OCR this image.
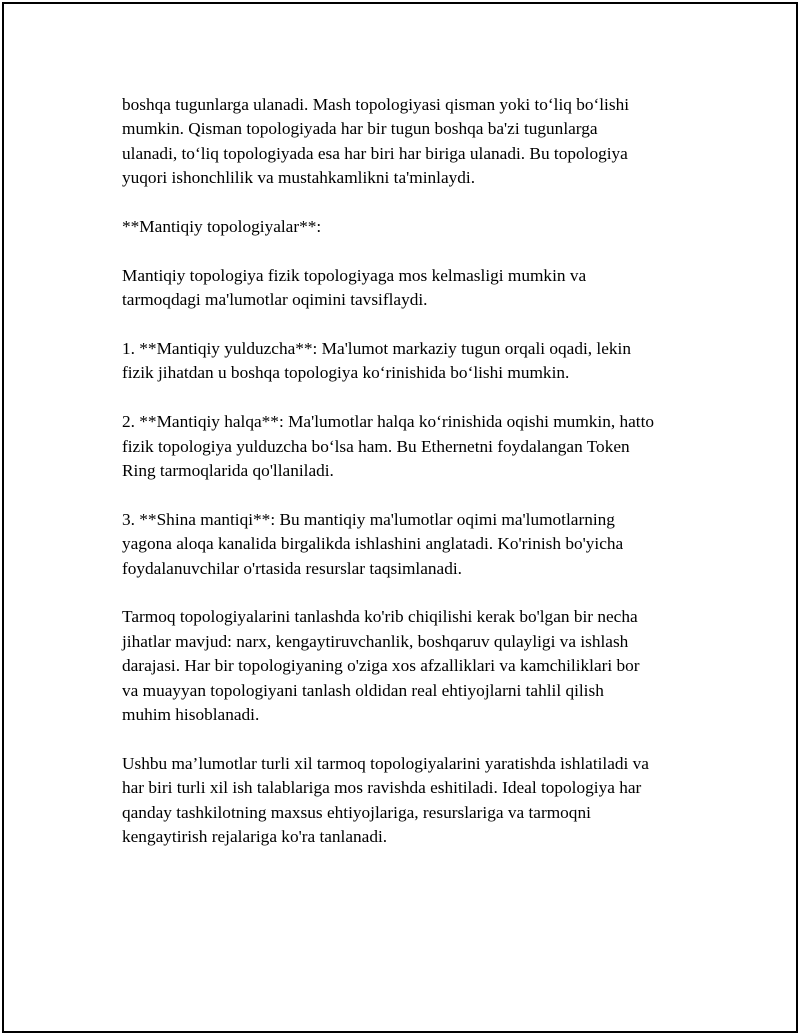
boshqa tugunlarga ulanadi. Mash topologiyasi qisman yoki to‘liq bo‘lishi
mumkin. Qisman topologiyada har bir tugun boshqa ba'zi tugunlarga
ulanadi, to‘liq topologiyada esa har biri har biriga ulanadi. Bu topologiya
yuqori ishonchlilik va mustahkamlikni ta'minlaydi.

**Mantiqiy topologiyalar**:

Mantiqiy topologiya fizik topologiyaga mos kelmasligi mumkin va
tarmoqdagi ma'lumotlar oqimini tavsiflaydi.

1. **Mantiqiy yulduzcha**: Ma'lumot markaziy tugun orqali oqadi, lekin
fizik jihatdan u boshqa topologiya ko‘rinishida bo‘lishi mumkin.

2. **Mantiqiy halqa**: Ma'lumotlar halqa ko‘rinishida oqishi mumkin, hatto
fizik topologiya yulduzcha bo‘lsa ham. Bu Ethernetni foydalangan Token
Ring tarmoqlarida qo'llaniladi.

3. **Shina mantiqi**: Bu mantiqiy ma'lumotlar oqimi ma'lumotlarning
yagona aloqa kanalida birgalikda ishlashini anglatadi. Ko'rinish bo'yicha
foydalanuvchilar o'rtasida resurslar taqsimlanadi.

Tarmoq topologiyalarini tanlashda ko'rib chiqilishi kerak bo'lgan bir necha
jihatlar mavjud: narx, kengaytiruvchanlik, boshqaruv qulayligi va ishlash
darajasi. Har bir topologiyaning o'ziga xos afzalliklari va kamchiliklari bor
va muayyan topologiyani tanlash oldidan real ehtiyojlarni tahlil qilish
muhim hisoblanadi.

Ushbu ma’lumotlar turli xil tarmoq topologiyalarini yaratishda ishlatiladi va
har biri turli xil ish talablariga mos ravishda eshitiladi. Ideal topologiya har
qanday tashkilotning maxsus ehtiyojlariga, resurslariga va tarmoqni
kengaytirish rejalariga ko'ra tanlanadi.
